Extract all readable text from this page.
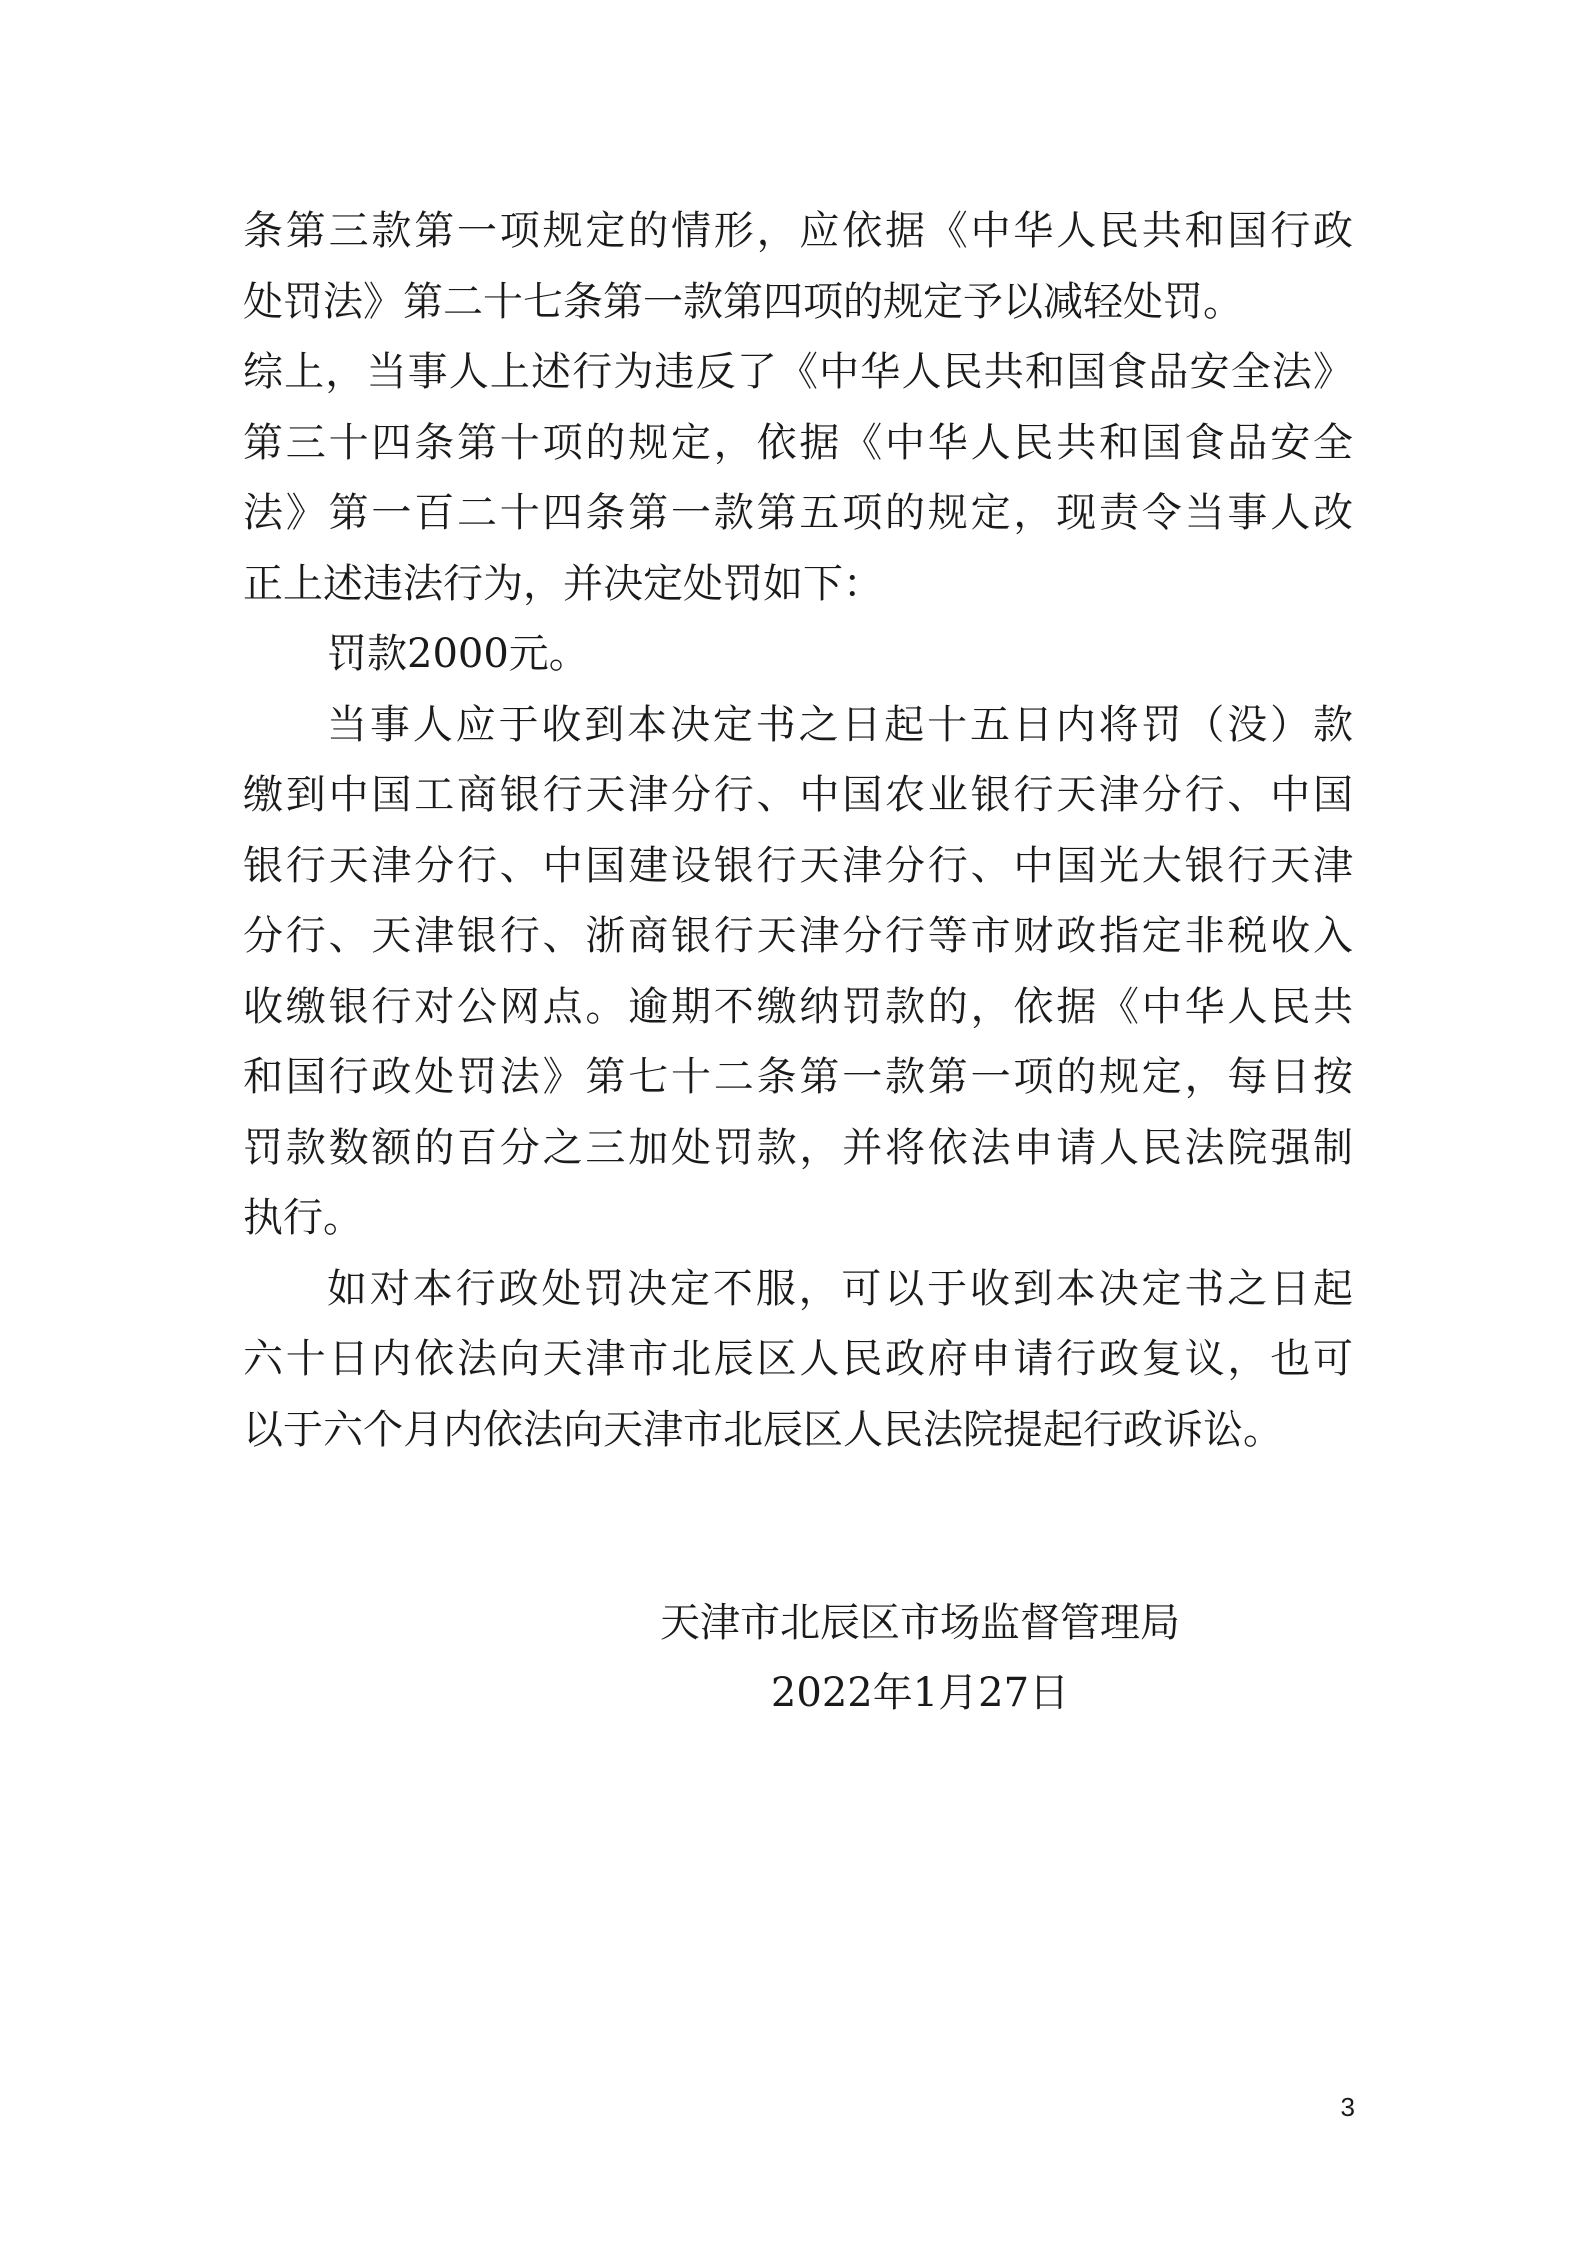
条第三款第一项规定的情形，应依据《中华人民共和国行政
处罚法》第二十七条第一款第四项的规定予以减轻处罚。
综上，当事人上述行为违反了《中华人民共和国食品安全法》
第三十四条第十项的规定，依据《中华人民共和国食品安全
法》第一百二十四条第一款第五项的规定，现责令当事人改
正上述违法行为，并决定处罚如下：
罚款2000元。
当事人应于收到本决定书之日起十五日内将罚（没）款
缴到中国工商银行天津分行、中国农业银行天津分行、中国
银行天津分行、中国建设银行天津分行、中国光大银行天津
分行、天津银行、浙商银行天津分行等市财政指定非税收入
收缴银行对公网点。逾期不缴纳罚款的，依据《中华人民共
和国行政处罚法》第七十二条第一款第一项的规定，每日按
罚款数额的百分之三加处罚款，并将依法申请人民法院强制
执行。
如对本行政处罚决定不服，可以于收到本决定书之日起
六十日内依法向天津市北辰区人民政府申请行政复议，也可
以于六个月内依法向天津市北辰区人民法院提起行政诉讼。
天津市北辰区市场监督管理局
2022年1月27日
3
